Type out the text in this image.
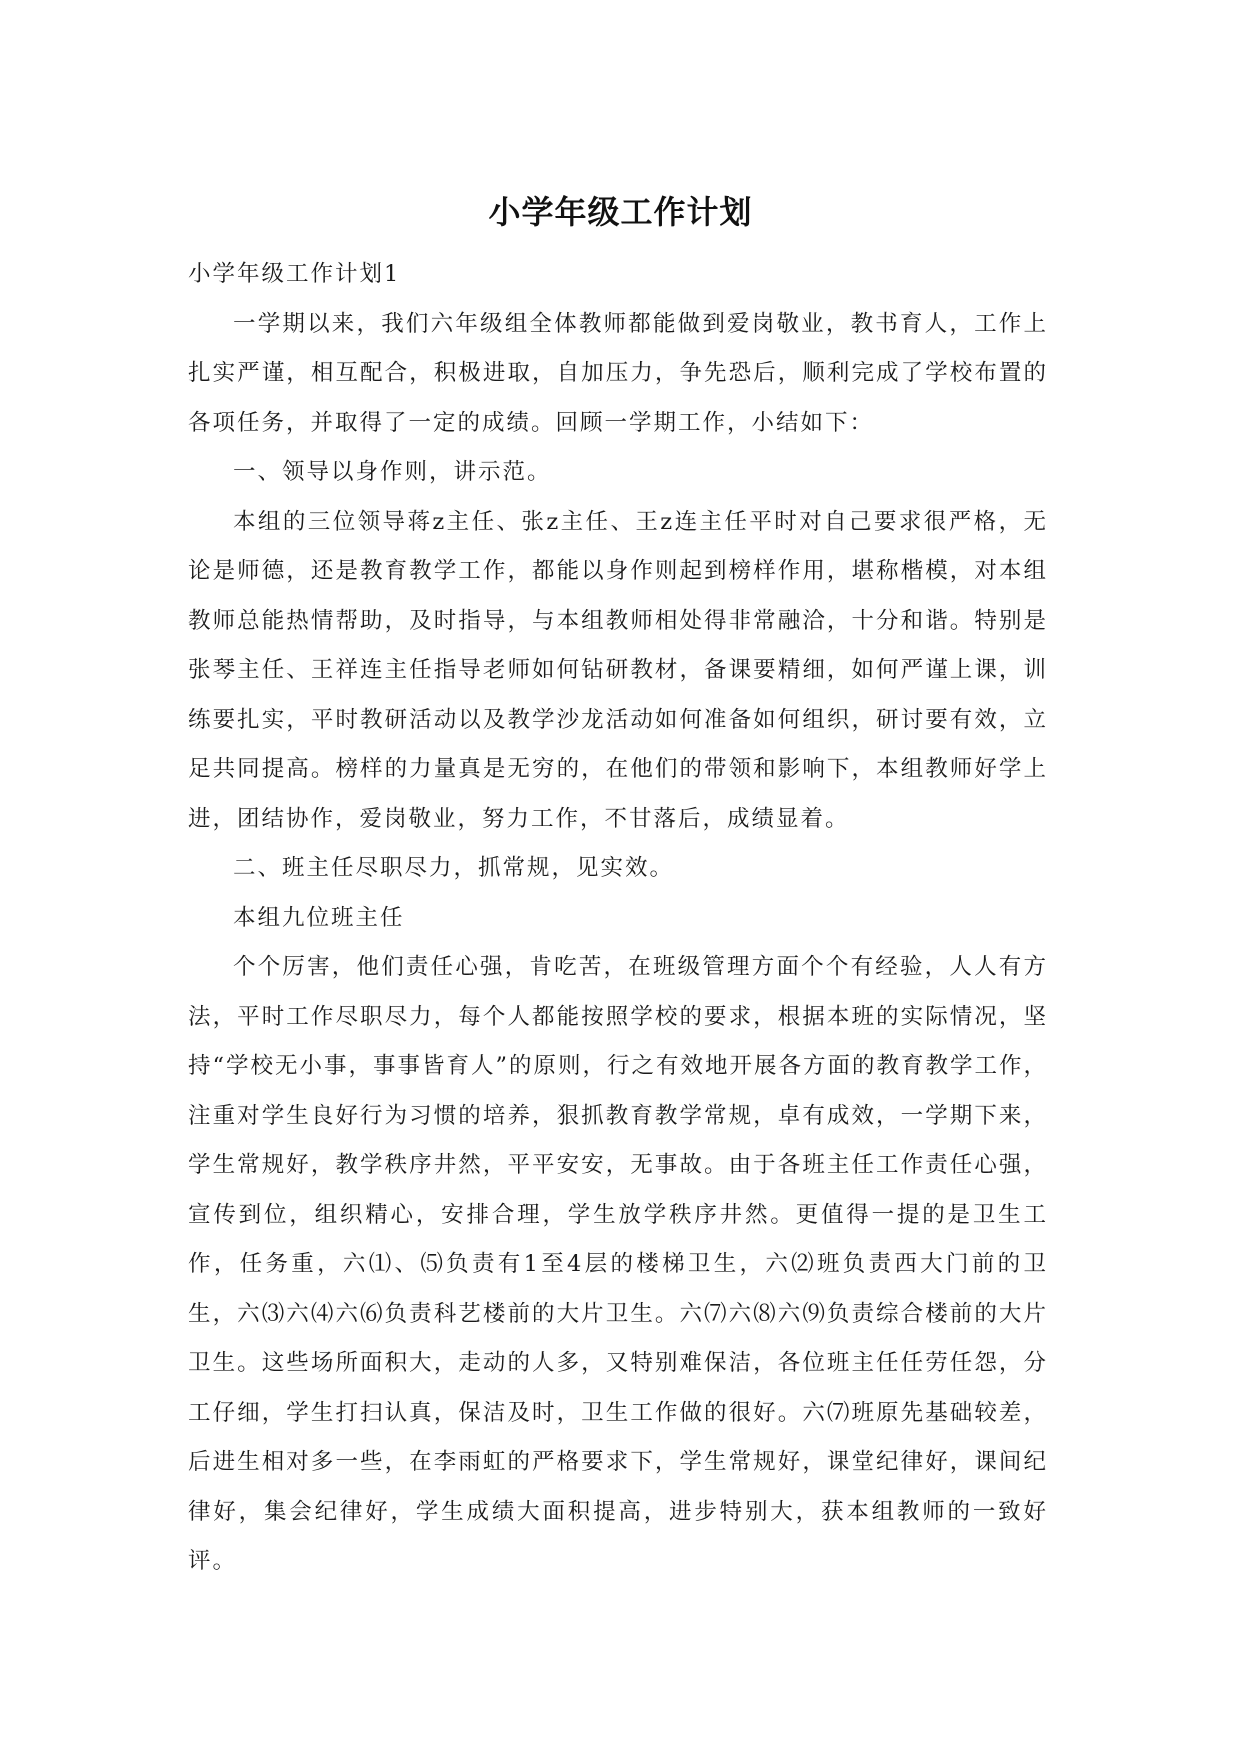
小学年级工作计划

小学年级工作计划1

一学期以来，我们六年级组全体教师都能做到爱岗敬业，教书育人，工作上扎实严谨，相互配合，积极进取，自加压力，争先恐后，顺利完成了学校布置的各项任务，并取得了一定的成绩。回顾一学期工作，小结如下：

一、领导以身作则，讲示范。

本组的三位领导蒋z主任、张z主任、王z连主任平时对自己要求很严格，无论是师德，还是教育教学工作，都能以身作则起到榜样作用，堪称楷模，对本组教师总能热情帮助，及时指导，与本组教师相处得非常融洽，十分和谐。特别是张琴主任、王祥连主任指导老师如何钻研教材，备课要精细，如何严谨上课，训练要扎实，平时教研活动以及教学沙龙活动如何准备如何组织，研讨要有效，立足共同提高。榜样的力量真是无穷的，在他们的带领和影响下，本组教师好学上进，团结协作，爱岗敬业，努力工作，不甘落后，成绩显着。

二、班主任尽职尽力，抓常规，见实效。

本组九位班主任

个个厉害，他们责任心强，肯吃苦，在班级管理方面个个有经验，人人有方法，平时工作尽职尽力，每个人都能按照学校的要求，根据本班的实际情况，坚持“学校无小事，事事皆育人”的原则，行之有效地开展各方面的教育教学工作，注重对学生良好行为习惯的培养，狠抓教育教学常规，卓有成效，一学期下来，学生常规好，教学秩序井然，平平安安，无事故。由于各班主任工作责任心强，宣传到位，组织精心，安排合理，学生放学秩序井然。更值得一提的是卫生工作，任务重，六⑴、⑸负责有1至4层的楼梯卫生，六⑵班负责西大门前的卫生，六⑶六⑷六⑹负责科艺楼前的大片卫生。六⑺六⑻六⑼负责综合楼前的大片卫生。这些场所面积大，走动的人多，又特别难保洁，各位班主任任劳任怨，分工仔细，学生打扫认真，保洁及时，卫生工作做的很好。六⑺班原先基础较差，后进生相对多一些，在李雨虹的严格要求下，学生常规好，课堂纪律好，课间纪律好，集会纪律好，学生成绩大面积提高，进步特别大，获本组教师的一致好评。
